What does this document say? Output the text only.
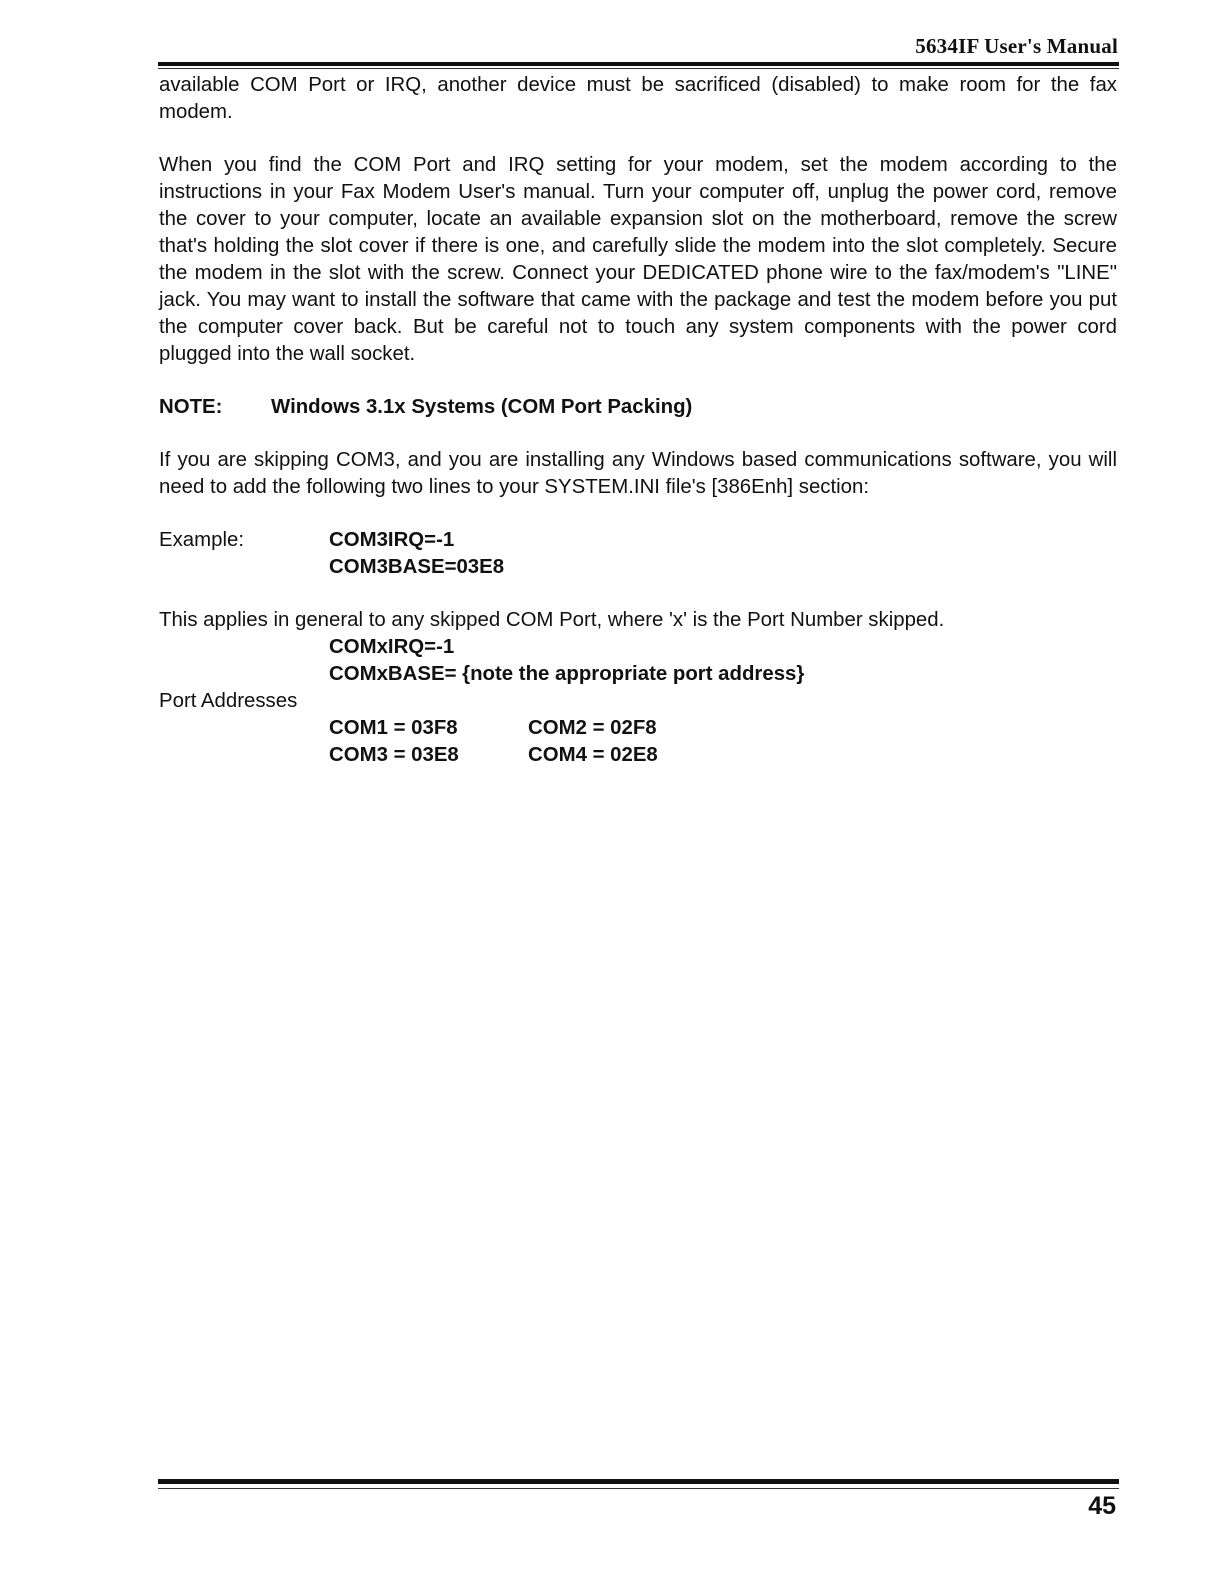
5634IF User's Manual

available COM Port or IRQ, another device must be sacrificed (disabled) to make room for the fax modem.

When you find the COM Port and IRQ setting for your modem, set the modem according to the instructions in your Fax Modem User's manual. Turn your computer off, unplug the power cord, remove the cover to your computer, locate an available expansion slot on the motherboard, remove the screw that's holding the slot cover if there is one, and carefully slide the modem into the slot completely. Secure the modem in the slot with the screw. Connect your DEDICATED phone wire to the fax/modem's "LINE" jack. You may want to install the software that came with the package and test the modem before you put the computer cover back. But be careful not to touch any system components with the power cord plugged into the wall socket.

NOTE: Windows 3.1x Systems (COM Port Packing)

If you are skipping COM3, and you are installing any Windows based communications software, you will need to add the following two lines to your SYSTEM.INI file's [386Enh] section:

Example:	COM3IRQ=-1
COM3BASE=03E8
This applies in general to any skipped COM Port, where 'x' is the Port Number skipped.
COMxIRQ=-1
COMxBASE= {note the appropriate port address}
Port Addresses
COM1 = 03F8	COM2 = 02F8
COM3 = 03E8	COM4 = 02E8
45
